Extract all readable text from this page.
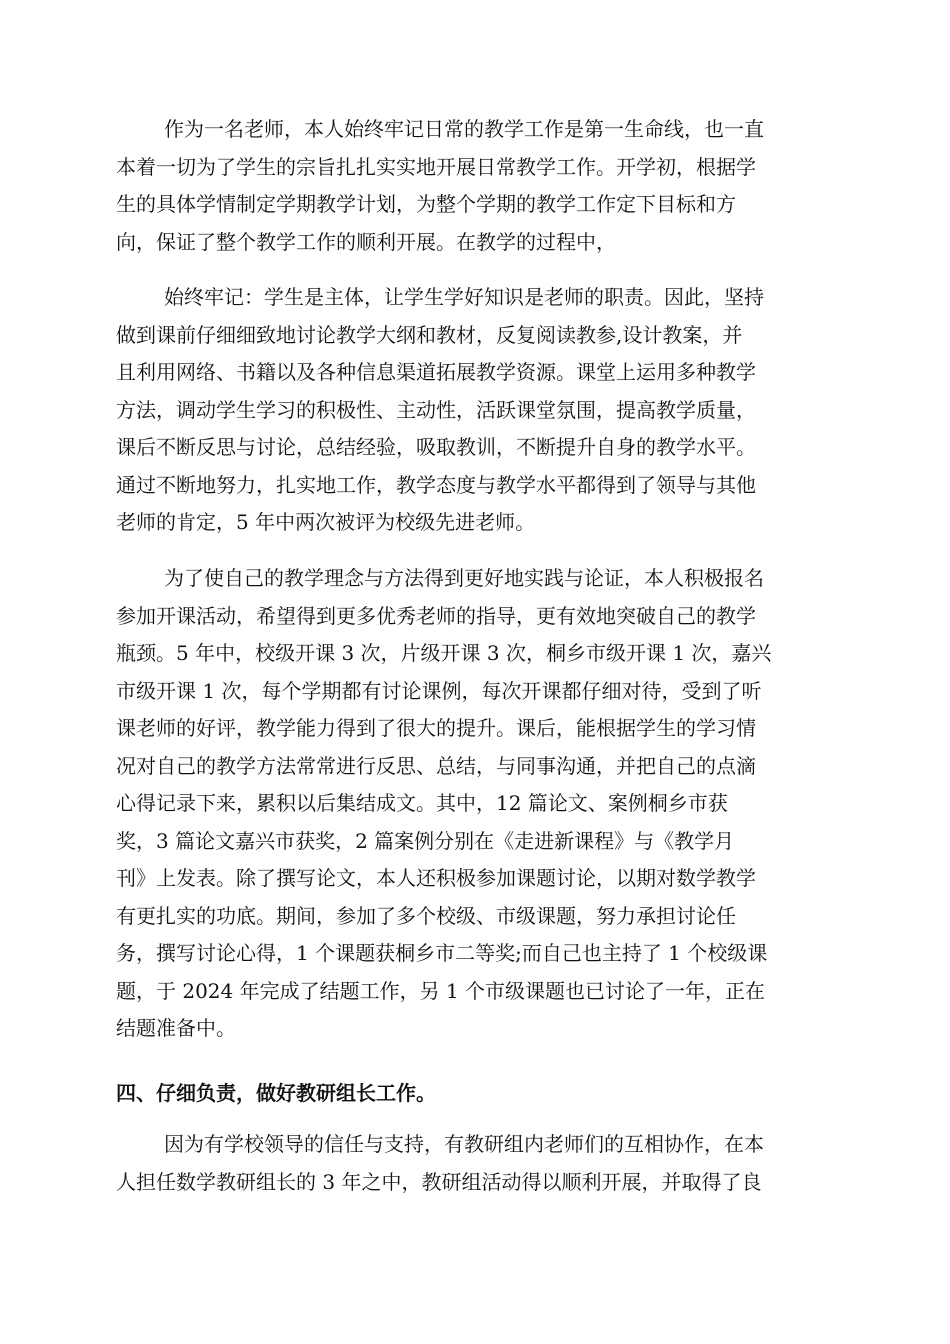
作为一名老师，本人始终牢记日常的教学工作是第一生命线，也一直
本着一切为了学生的宗旨扎扎实实地开展日常教学工作。开学初，根据学
生的具体学情制定学期教学计划，为整个学期的教学工作定下目标和方
向，保证了整个教学工作的顺利开展。在教学的过程中，
始终牢记：学生是主体，让学生学好知识是老师的职责。因此，坚持
做到课前仔细细致地讨论教学大纲和教材，反复阅读教参,设计教案，并
且利用网络、书籍以及各种信息渠道拓展教学资源。课堂上运用多种教学
方法，调动学生学习的积极性、主动性，活跃课堂氛围，提高教学质量，
课后不断反思与讨论，总结经验，吸取教训，不断提升自身的教学水平。
通过不断地努力，扎实地工作，教学态度与教学水平都得到了领导与其他
老师的肯定，5 年中两次被评为校级先进老师。
为了使自己的教学理念与方法得到更好地实践与论证，本人积极报名
参加开课活动，希望得到更多优秀老师的指导，更有效地突破自己的教学
瓶颈。5 年中，校级开课 3 次，片级开课 3 次，桐乡市级开课 1 次，嘉兴
市级开课 1 次，每个学期都有讨论课例，每次开课都仔细对待，受到了听
课老师的好评，教学能力得到了很大的提升。课后，能根据学生的学习情
况对自己的教学方法常常进行反思、总结，与同事沟通，并把自己的点滴
心得记录下来，累积以后集结成文。其中，12 篇论文、案例桐乡市获
奖，3 篇论文嘉兴市获奖，2 篇案例分别在《走进新课程》与《教学月
刊》上发表。除了撰写论文，本人还积极参加课题讨论，以期对数学教学
有更扎实的功底。期间，参加了多个校级、市级课题，努力承担讨论任
务，撰写讨论心得，1 个课题获桐乡市二等奖;而自己也主持了 1 个校级课
题，于 2024 年完成了结题工作，另 1 个市级课题也已讨论了一年，正在
结题准备中。
四、仔细负责，做好教研组长工作。
因为有学校领导的信任与支持，有教研组内老师们的互相协作，在本
人担任数学教研组长的 3 年之中，教研组活动得以顺利开展，并取得了良
